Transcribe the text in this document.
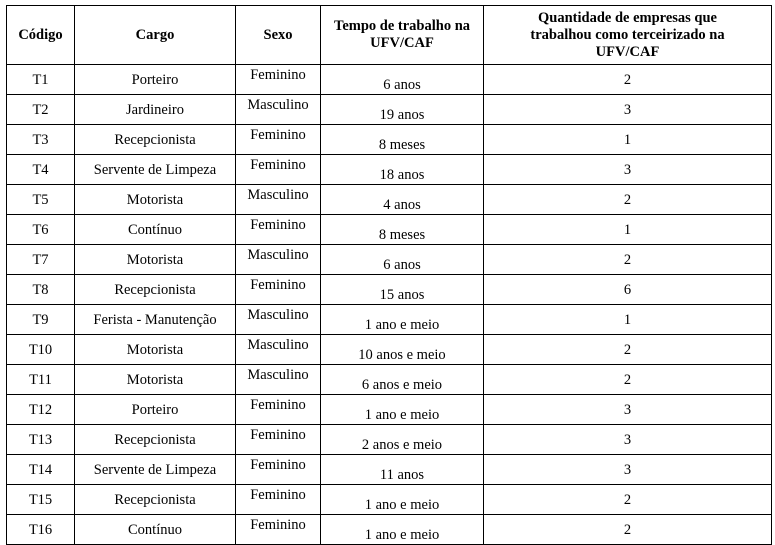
Código	Cargo	Sexo	Tempo de trabalho na UFV/CAF	Quantidade de empresas que trabalhou como terceirizado na UFV/CAF
T1	Porteiro	Feminino	6 anos	2
T2	Jardineiro	Masculino	19 anos	3
T3	Recepcionista	Feminino	8 meses	1
T4	Servente de Limpeza	Feminino	18 anos	3
T5	Motorista	Masculino	4 anos	2
T6	Contínuo	Feminino	8 meses	1
T7	Motorista	Masculino	6 anos	2
T8	Recepcionista	Feminino	15 anos	6
T9	Ferista - Manutenção	Masculino	1 ano e meio	1
T10	Motorista	Masculino	10 anos e meio	2
T11	Motorista	Masculino	6 anos e meio	2
T12	Porteiro	Feminino	1 ano e meio	3
T13	Recepcionista	Feminino	2 anos e meio	3
T14	Servente de Limpeza	Feminino	11 anos	3
T15	Recepcionista	Feminino	1 ano e meio	2
T16	Contínuo	Feminino	1 ano e meio	2
